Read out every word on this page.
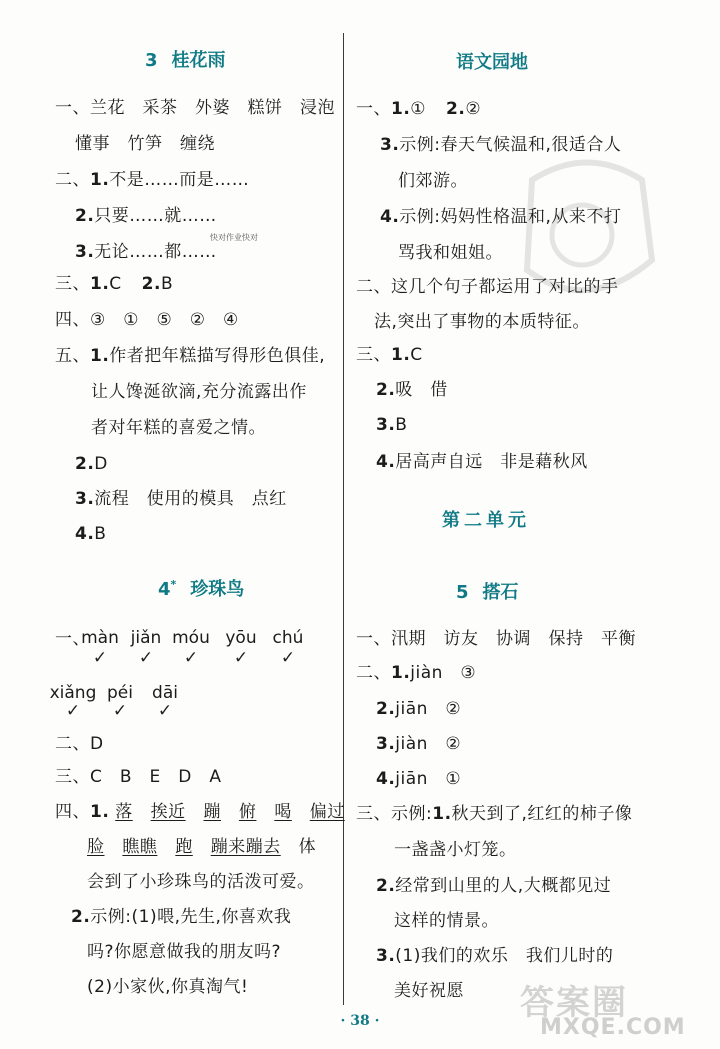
3 桂花雨
一、兰花　采茶　外婆　糕饼　浸泡
懂事　竹笋　缠绕
二、1.不是……而是……
2.只要……就……
快对作业快对
3.无论……都……
三、1.C 2.B
四、③　①　⑤　②　④
五、1.作者把年糕描写得形色俱佳,
让人馋涎欲滴,充分流露出作
者对年糕的喜爱之情。
2.D
3.流程　使用的模具　点红
4.B
4* 珍珠鸟
一、
màn jiǎn móu yōu chú
✓	✓	✓	✓	✓
xiǎng péi	dāi
✓	✓	✓
二、D
三、C　B　E　D　A
四、1. 落 挨近 蹦 俯 喝 偏过
脸 瞧瞧 跑 蹦来蹦去 体
会到了小珍珠鸟的活泼可爱。
2.示例:(1)喂,先生,你喜欢我
吗?你愿意做我的朋友吗?
(2)小家伙,你真淘气!
语文园地
一、1.① 2.②
3.示例:春天气候温和,很适合人
们郊游。
4.示例:妈妈性格温和,从来不打
骂我和姐姐。
二、这几个句子都运用了对比的手
法,突出了事物的本质特征。
三、1.C
2.吸　借
3.B
4.居高声自远　非是藉秋风
第二单元
5 搭石
一、汛期　访友　协调　保持　平衡
二、1.jiàn　③
2.jiān　②
3.jiàn　②
4.jiān　①
三、示例:1.秋天到了,红红的柿子像
一盏盏小灯笼。
2.经常到山里的人,大概都见过
这样的情景。
3.(1)我们的欢乐　我们儿时的
美好祝愿 答案圈
MXQE.COM
· 38 ·
